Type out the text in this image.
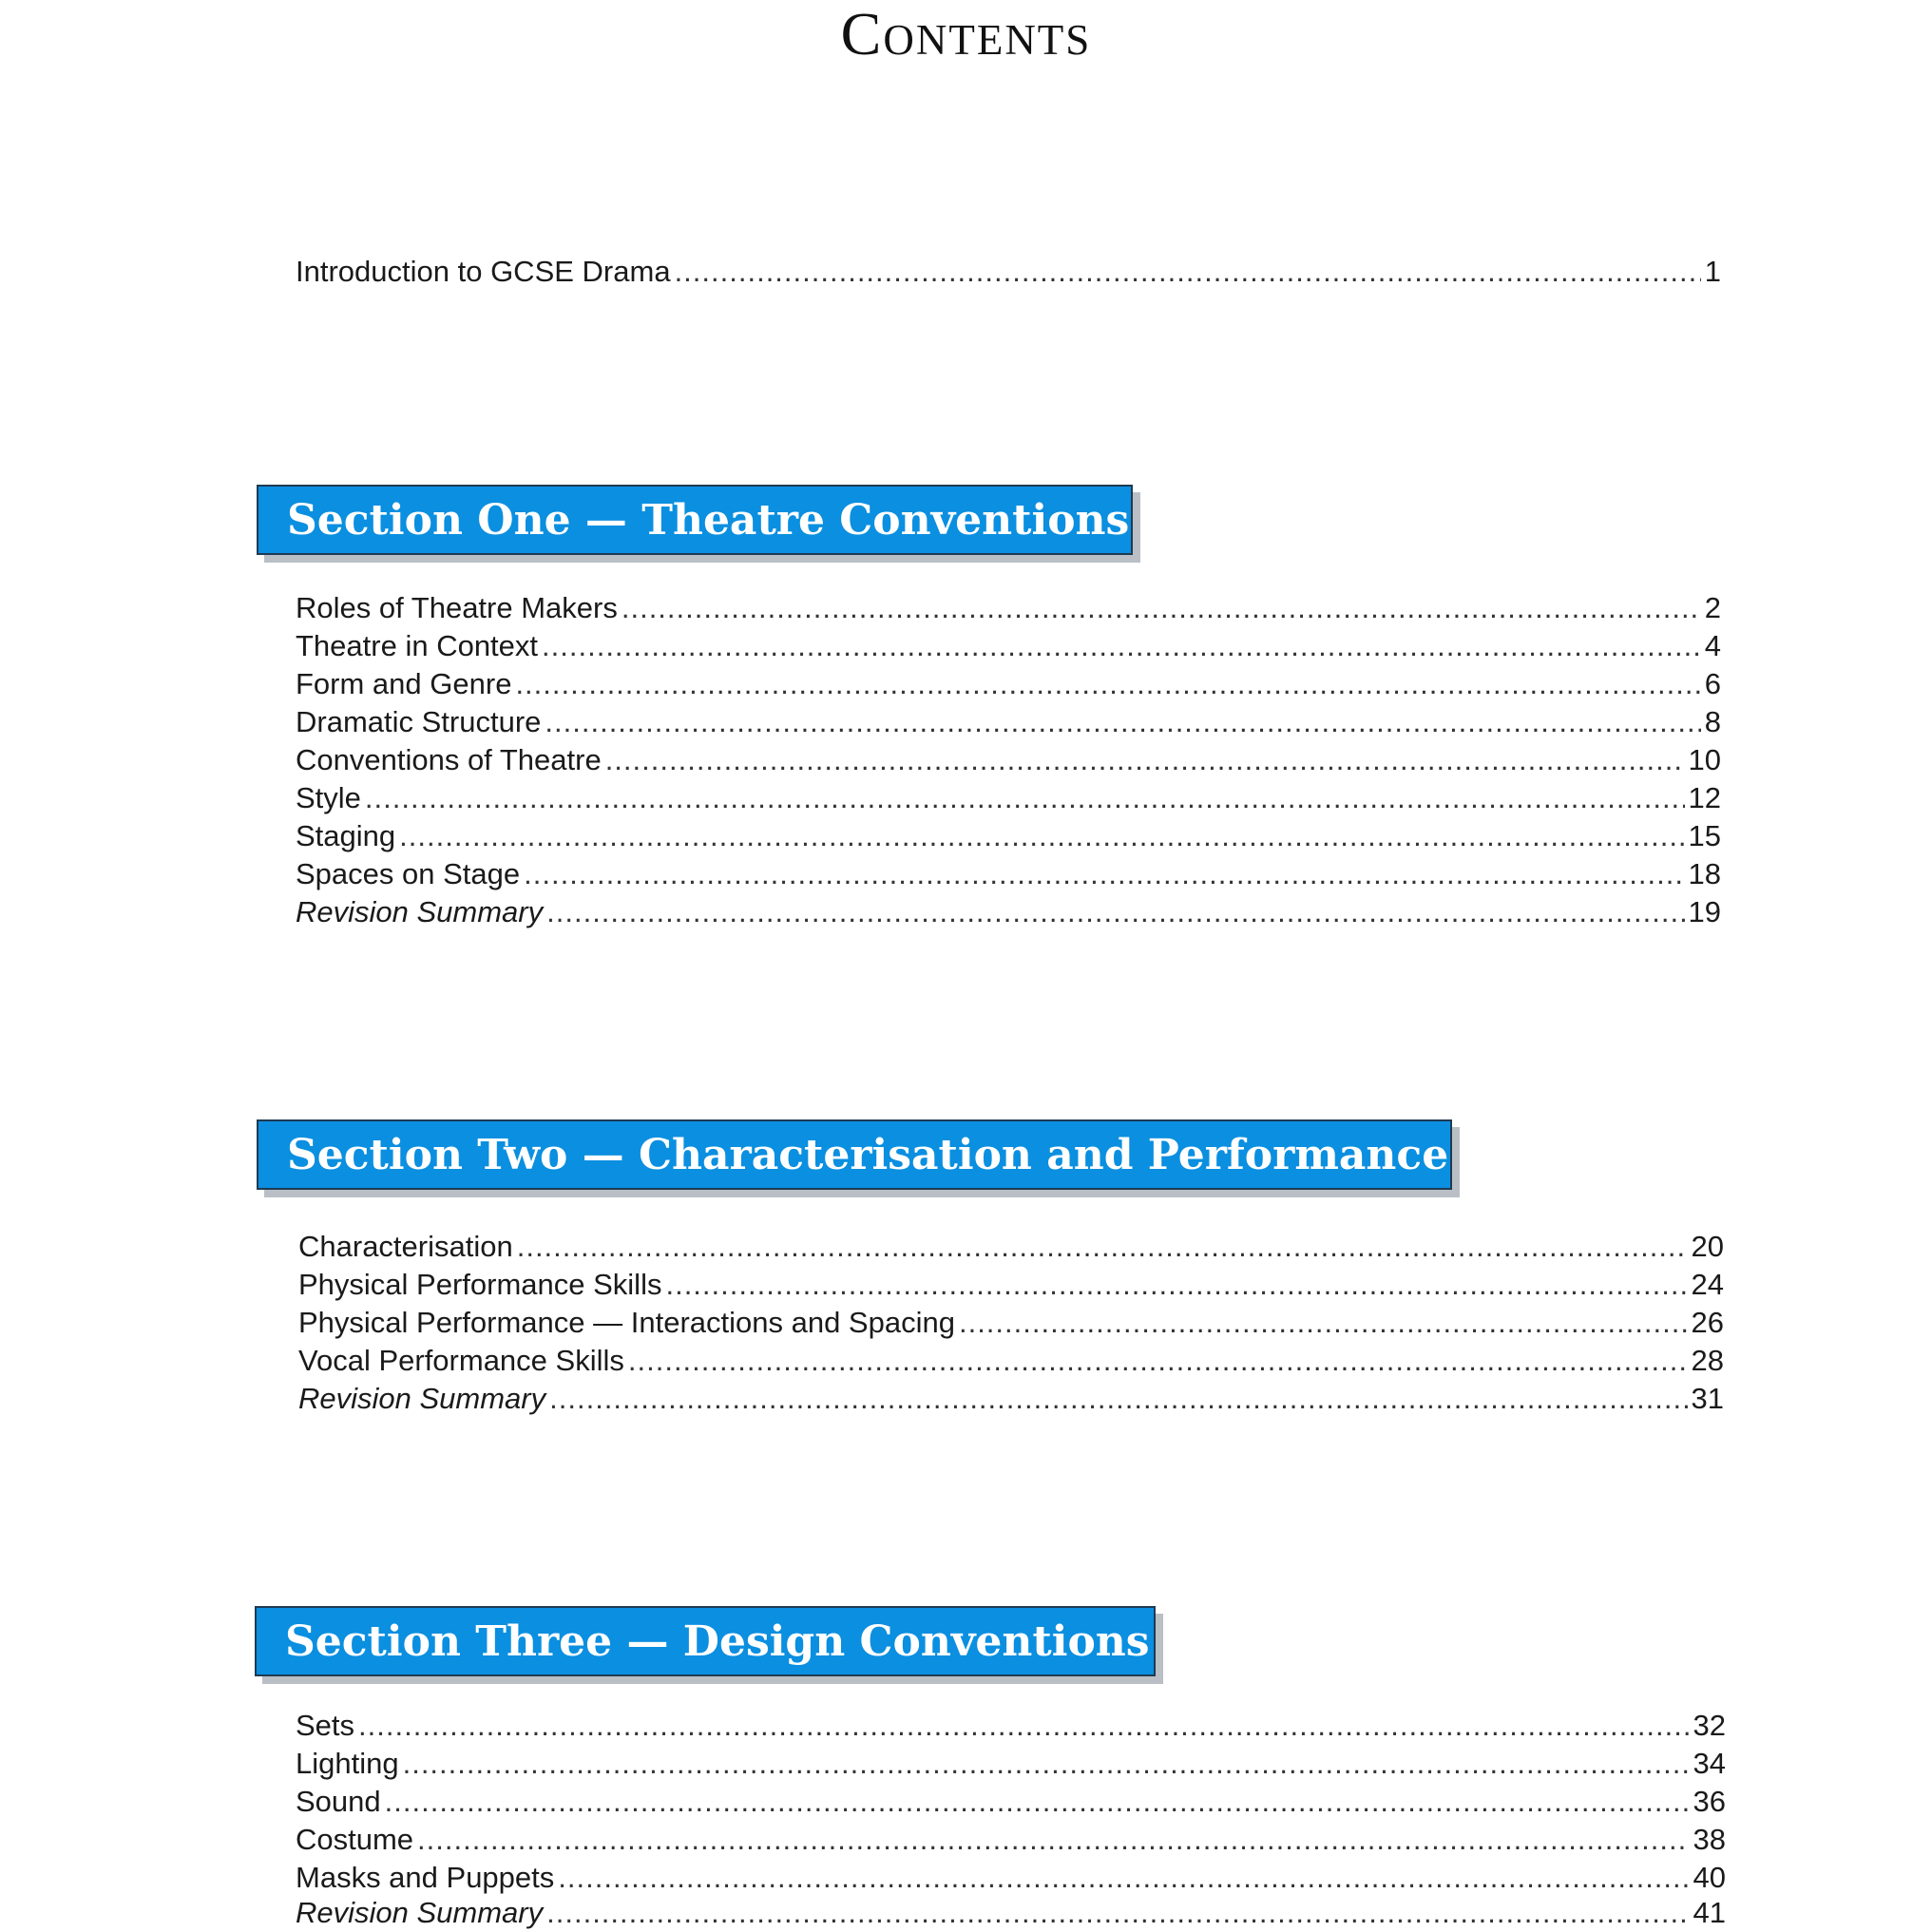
Contents
Introduction to GCSE Drama .....	1
Section One — Theatre Conventions
Roles of Theatre Makers .....	2
Theatre in Context .....	4
Form and Genre .....	6
Dramatic Structure .....	8
Conventions of Theatre .....	10
Style .....	12
Staging .....	15
Spaces on Stage .....	18
Revision Summary .....	19
Section Two — Characterisation and Performance
Characterisation .....	20
Physical Performance Skills .....	24
Physical Performance — Interactions and Spacing .....	26
Vocal Performance Skills .....	28
Revision Summary .....	31
Section Three — Design Conventions
Sets .....	32
Lighting .....	34
Sound .....	36
Costume .....	38
Masks and Puppets .....	40
Revision Summary .....	41
